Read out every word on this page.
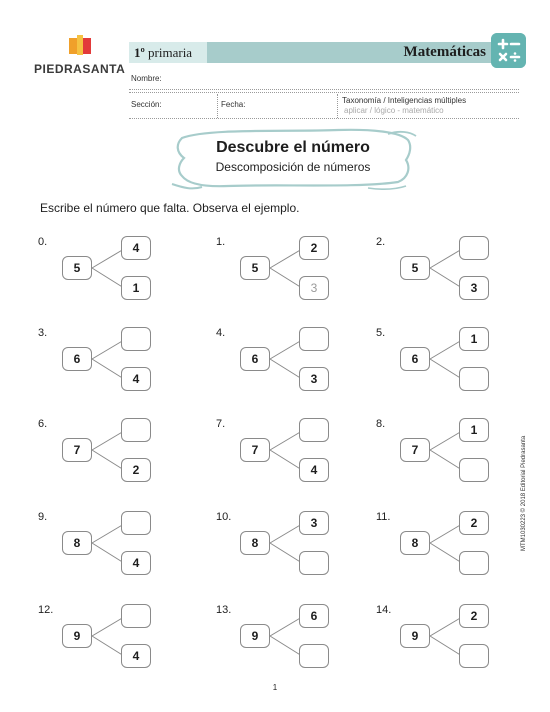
PIEDRASANTA
1º primaria	Matemáticas
Nombre:
Sección:	Fecha:	Taxonomía / Inteligencias múltiples
aplicar / lógico - matemático
Descubre el número
Descomposición de números
Escribe el número que falta. Observa el ejemplo.
0.
5
4
1
1.
5
2
3
2.
5
3
3.
6
4
4.
6
3
5.
6
1
6.
7
2
7.
7
4
8.
7
1
9.
8
4
10.
8
3	11.
8
2
12.
9
4
13.
9
6	14.
9
2
1
MTM1030223 © 2018 Editorial Piedrasanta
